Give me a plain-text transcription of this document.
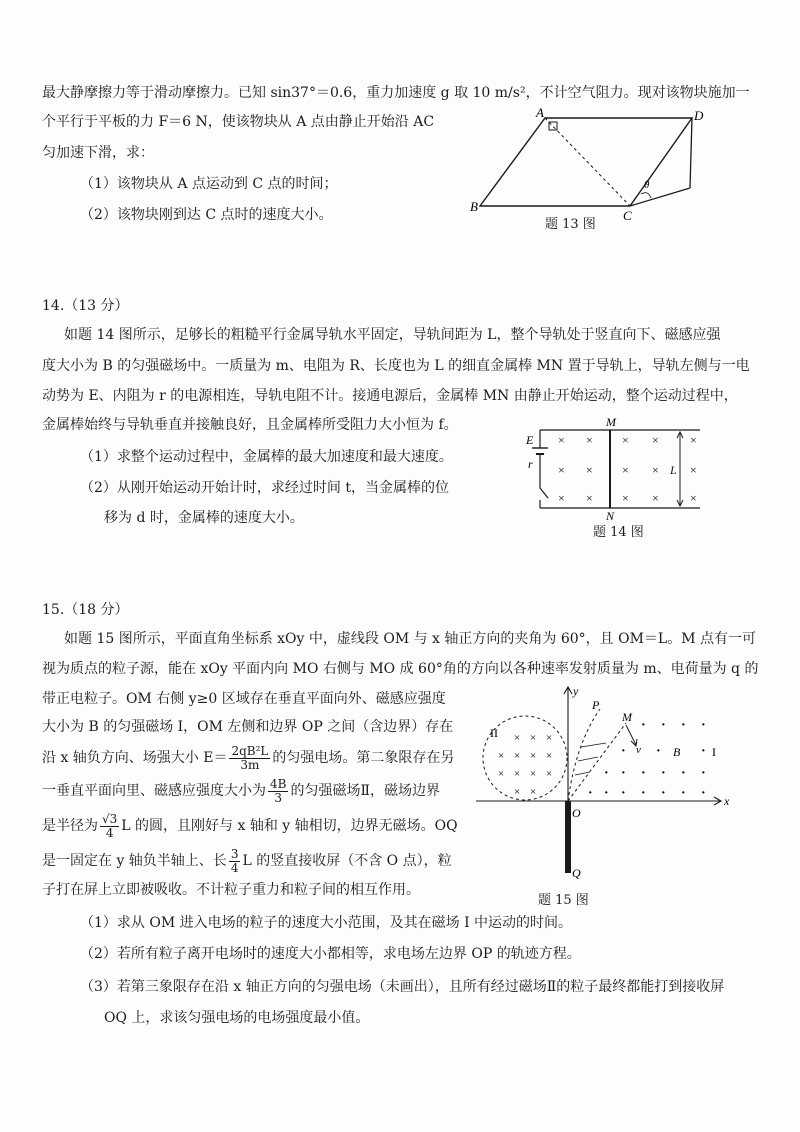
最大静摩擦力等于滑动摩擦力。已知 sin37°＝0.6，重力加速度 g 取 10 m/s²，不计空气阻力。现对该物块施加一
个平行于平板的力 F＝6 N，使该物块从 A 点由静止开始沿 AC
匀加速下滑，求：
（1）该物块从 A 点运动到 C 点的时间；
（2）该物块刚到达 C 点时的速度大小。
A
B
C
D
θ
题 13 图
14.（13 分）
如题 14 图所示，足够长的粗糙平行金属导轨水平固定，导轨间距为 L，整个导轨处于竖直向下、磁感应强
度大小为 B 的匀强磁场中。一质量为 m、电阻为 R、长度也为 L 的细直金属棒 MN 置于导轨上，导轨左侧与一电
动势为 E、内阻为 r 的电源相连，导轨电阻不计。接通电源后，金属棒 MN 由静止开始运动，整个运动过程中，
金属棒始终与导轨垂直并接触良好，且金属棒所受阻力大小恒为 f。
（1）求整个运动过程中，金属棒的最大加速度和最大速度。
（2）从刚开始运动开始计时，求经过时间 t，当金属棒的位
移为 d 时，金属棒的速度大小。
E
r
M
N
× × × ×	×
× × × ×	×
× × × ×	×
L
题 14 图
15.（18 分）
如题 15 图所示，平面直角坐标系 xOy 中，虚线段 OM 与 x 轴正方向的夹角为 60°，且 OM＝L。M 点有一可
视为质点的粒子源，能在 xOy 平面内向 MO 右侧与 MO 成 60°角的方向以各种速率发射质量为 m、电荷量为 q 的
带正电粒子。OM 右侧 y≥0 区域存在垂直平面向外、磁感应强度
大小为 B 的匀强磁场 I，OM 左侧和边界 OP 之间（含边界）存在
沿 x 轴负方向、场强大小 $E= \frac{\text{2qB²L}}{3m}$ 的匀强电场。第二象限存在另
一垂直平面向里、磁感应强度大小为 $\frac{4B}{3}$ 的匀强磁场Ⅱ，磁场边界
是半径为 $\frac{√3}{4}$ L 的圆，且刚好与 x 轴和 y 轴相切，边界无磁场。OQ
是一固定在 y 轴负半轴上、长 $\frac{3}{4}$ L 的竖直接收屏（不含 O 点），粒
子打在屏上立即被吸收。不计粒子重力和粒子间的相互作用。
（1）求从 OM 进入电场的粒子的速度大小范围，及其在磁场 I 中运动的时间。
（2）若所有粒子离开电场时的速度大小都相等，求电场左边界 OP 的轨迹方程。
（3）若第三象限存在沿 x 轴正方向的匀强电场（未画出），且所有经过磁场Ⅱ的粒子最终都能打到接收屏
OQ 上，求该匀强电场的电场强度最小值。
y
x
O
Q
II × × ×
× × × ×
× × × ×
× ×
P
M
v
· · · ·
· ·	·
· · · · · ·
· · · · · · ·
B	I
题 15 图
